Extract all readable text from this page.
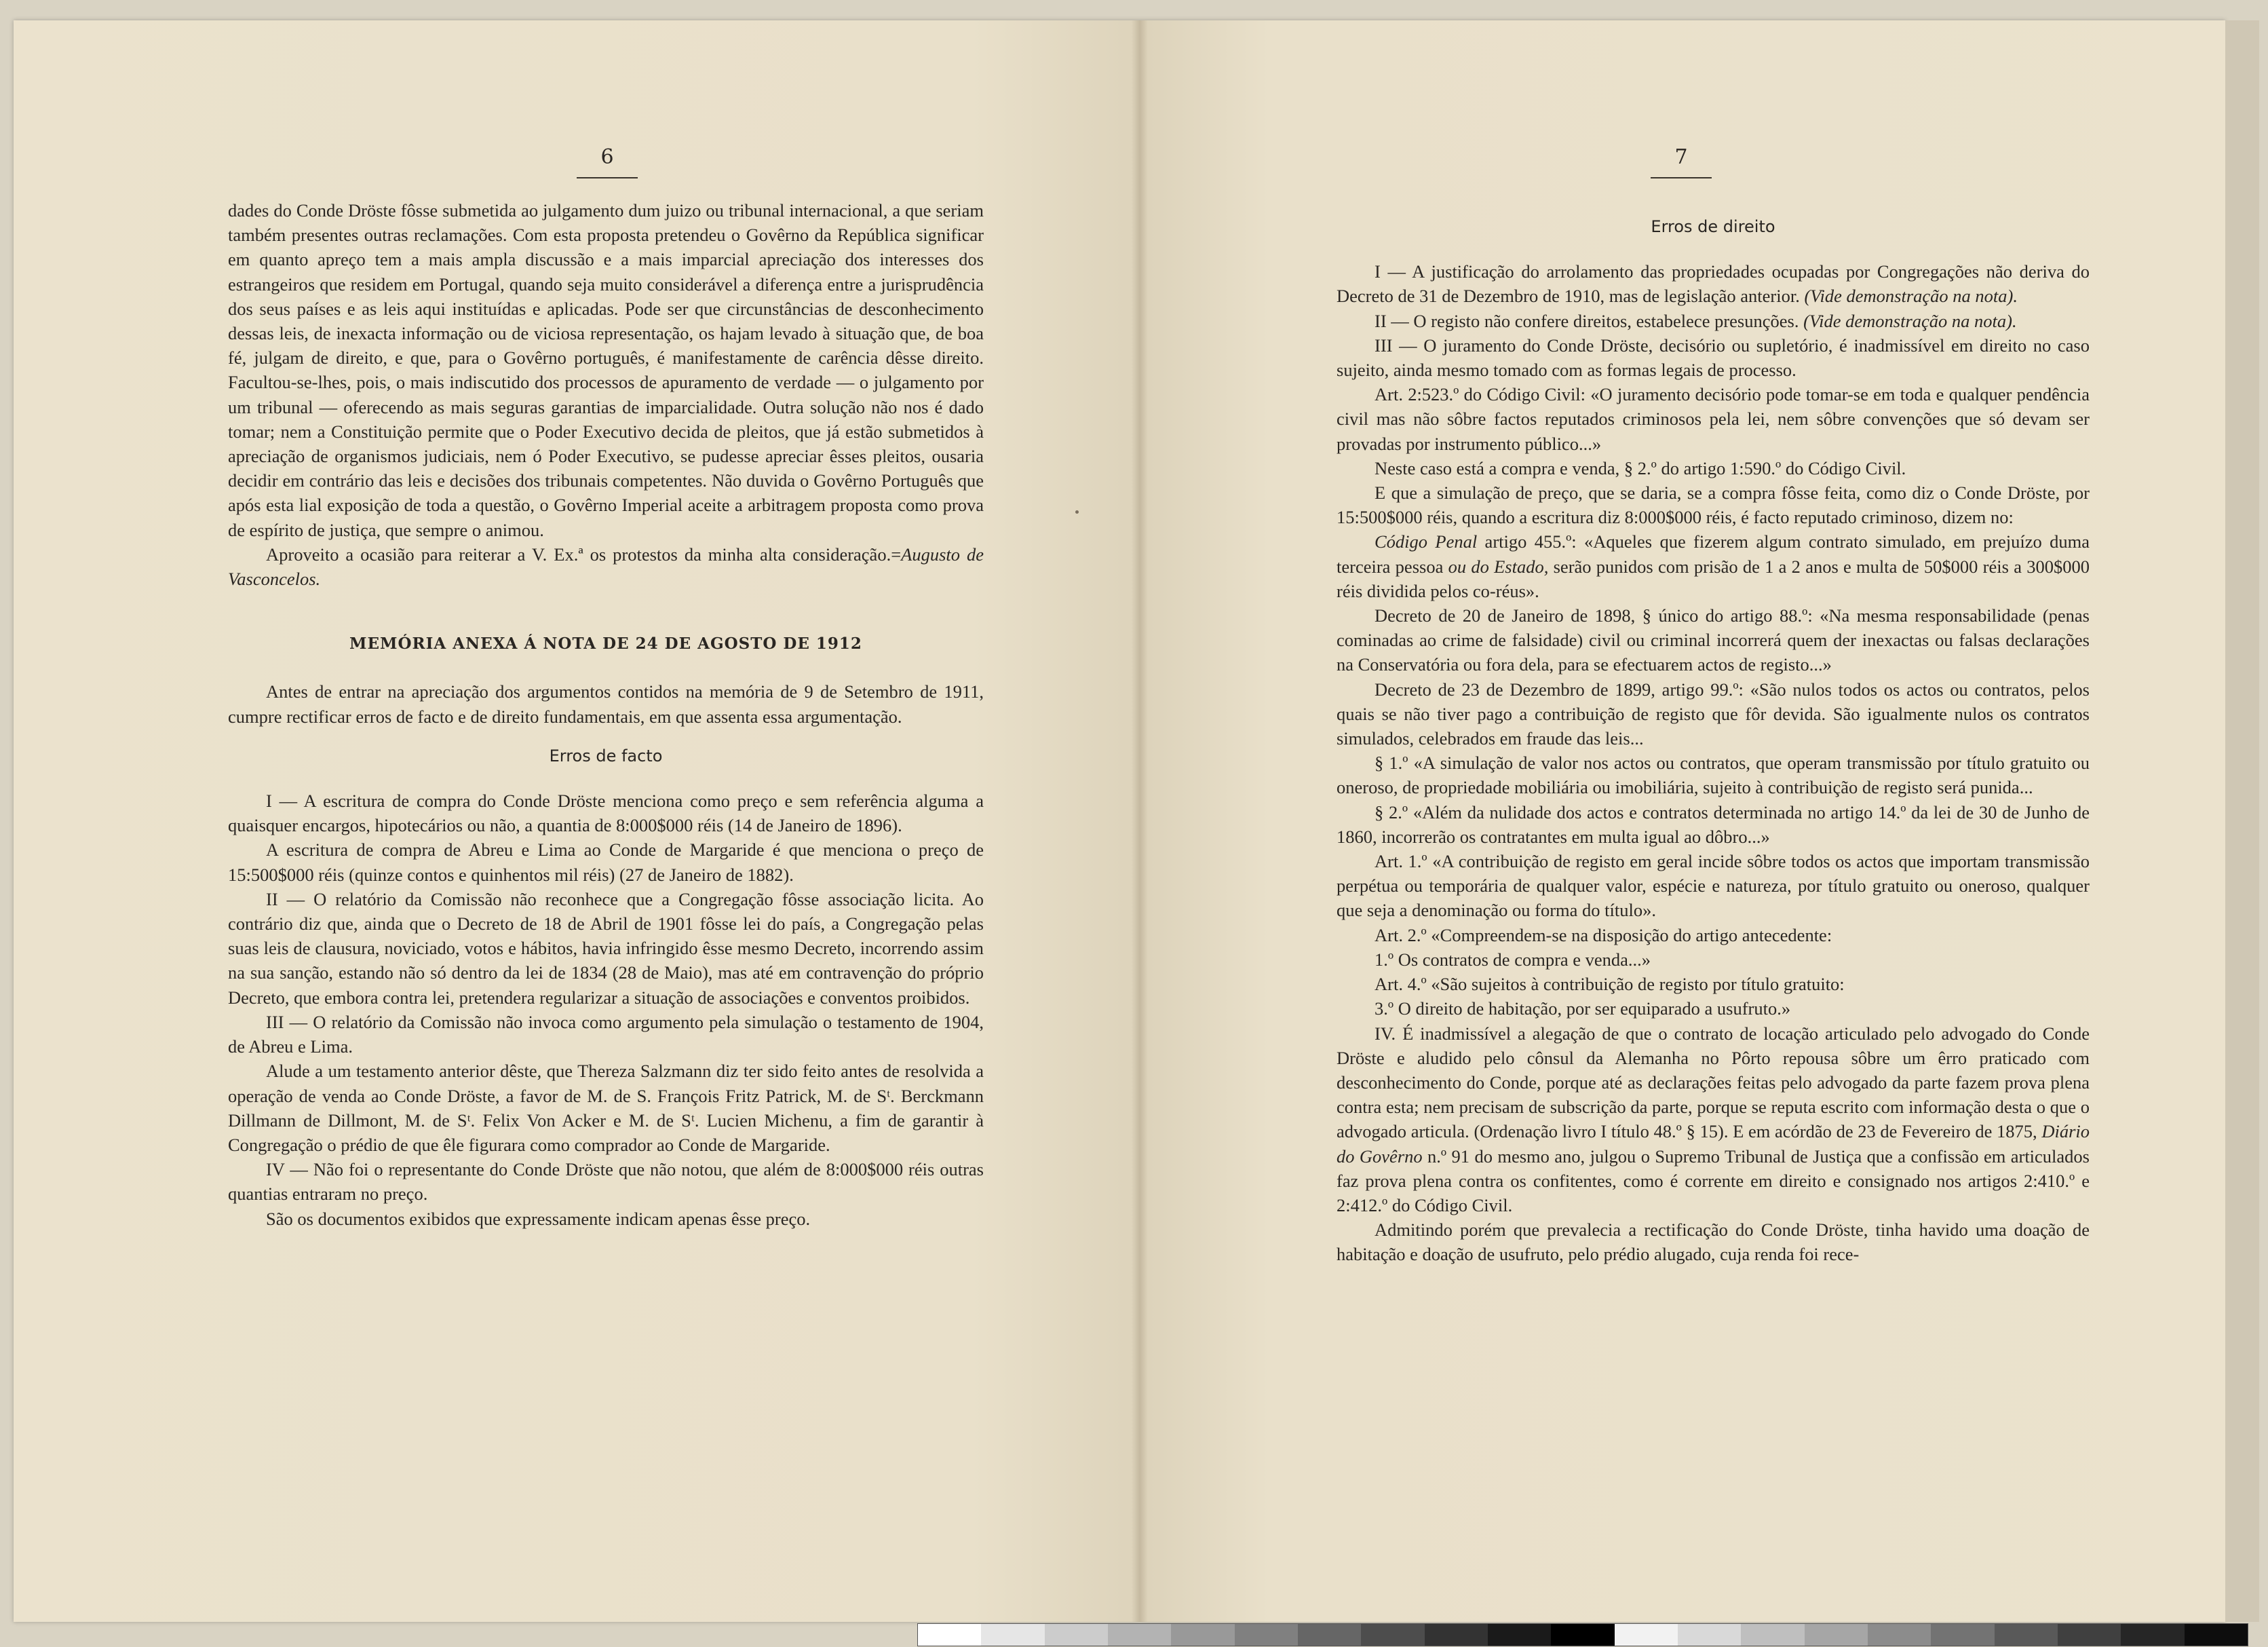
6

dades do Conde Dröste fôsse submetida ao julgamento dum juizo ou tribunal internacional, a que seriam também presentes outras reclamações. Com esta proposta pretendeu o Govêrno da República significar em quanto apreço tem a mais ampla discussão e a mais imparcial apreciação dos interesses dos estrangeiros que residem em Portugal, quando seja muito considerável a diferença entre a jurisprudência dos seus países e as leis aqui instituídas e aplicadas. Pode ser que circunstâncias de desconhecimento dessas leis, de inexacta informação ou de viciosa representação, os hajam levado à situação que, de boa fé, julgam de direito, e que, para o Govêrno português, é manifestamente de carência dêsse direito. Facultou-se-lhes, pois, o mais indiscutido dos processos de apuramento de verdade — o julgamento por um tribunal — oferecendo as mais seguras garantias de imparcialidade. Outra solução não nos é dado tomar; nem a Constituição permite que o Poder Executivo decida de pleitos, que já estão submetidos à apreciação de organismos judiciais, nem ó Poder Executivo, se pudesse apreciar êsses pleitos, ousaria decidir em contrário das leis e decisões dos tribunais competentes. Não duvida o Govêrno Português que após esta lial exposição de toda a questão, o Govêrno Imperial aceite a arbitragem proposta como prova de espírito de justiça, que sempre o animou.

Aproveito a ocasião para reiterar a V. Ex.ª os protestos da minha alta consideração.=Augusto de Vasconcelos.

MEMÓRIA ANEXA Á NOTA DE 24 DE AGOSTO DE 1912

Antes de entrar na apreciação dos argumentos contidos na memória de 9 de Setembro de 1911, cumpre rectificar erros de facto e de direito fundamentais, em que assenta essa argumentação.

Erros de facto

I — A escritura de compra do Conde Dröste menciona como preço e sem referência alguma a quaisquer encargos, hipotecários ou não, a quantia de 8:000$000 réis (14 de Janeiro de 1896).

A escritura de compra de Abreu e Lima ao Conde de Margaride é que menciona o preço de 15:500$000 réis (quinze contos e quinhentos mil réis) (27 de Janeiro de 1882).

II — O relatório da Comissão não reconhece que a Congregação fôsse associação licita. Ao contrário diz que, ainda que o Decreto de 18 de Abril de 1901 fôsse lei do país, a Congregação pelas suas leis de clausura, noviciado, votos e hábitos, havia infringido êsse mesmo Decreto, incorrendo assim na sua sanção, estando não só dentro da lei de 1834 (28 de Maio), mas até em contravenção do próprio Decreto, que embora contra lei, pretendera regularizar a situação de associações e conventos proibidos.

III — O relatório da Comissão não invoca como argumento pela simulação o testamento de 1904, de Abreu e Lima.

Alude a um testamento anterior dêste, que Thereza Salzmann diz ter sido feito antes de resolvida a operação de venda ao Conde Dröste, a favor de M. de S. François Fritz Patrick, M. de Sᵗ. Berckmann Dillmann de Dillmont, M. de Sᵗ. Felix Von Acker e M. de Sᵗ. Lucien Michenu, a fim de garantir à Congregação o prédio de que êle figurara como comprador ao Conde de Margaride.

IV — Não foi o representante do Conde Dröste que não notou, que além de 8:000$000 réis outras quantias entraram no preço.

São os documentos exibidos que expressamente indicam apenas êsse preço.

7
Erros de direito

I — A justificação do arrolamento das propriedades ocupadas por Congregações não deriva do Decreto de 31 de Dezembro de 1910, mas de legislação anterior. (Vide demonstração na nota).

II — O registo não confere direitos, estabelece presunções. (Vide demonstração na nota).

III — O juramento do Conde Dröste, decisório ou supletório, é inadmissível em direito no caso sujeito, ainda mesmo tomado com as formas legais de processo.

Art. 2:523.º do Código Civil: «O juramento decisório pode tomar-se em toda e qualquer pendência civil mas não sôbre factos reputados criminosos pela lei, nem sôbre convenções que só devam ser provadas por instrumento público...»

Neste caso está a compra e venda, § 2.º do artigo 1:590.º do Código Civil.

E que a simulação de preço, que se daria, se a compra fôsse feita, como diz o Conde Dröste, por 15:500$000 réis, quando a escritura diz 8:000$000 réis, é facto reputado criminoso, dizem no:

Código Penal artigo 455.º: «Aqueles que fizerem algum contrato simulado, em prejuízo duma terceira pessoa ou do Estado, serão punidos com prisão de 1 a 2 anos e multa de 50$000 réis a 300$000 réis dividida pelos co-réus».

Decreto de 20 de Janeiro de 1898, § único do artigo 88.º: «Na mesma responsabilidade (penas cominadas ao crime de falsidade) civil ou criminal incorrerá quem der inexactas ou falsas declarações na Conservatória ou fora dela, para se efectuarem actos de registo...»

Decreto de 23 de Dezembro de 1899, artigo 99.º: «São nulos todos os actos ou contratos, pelos quais se não tiver pago a contribuição de registo que fôr devida. São igualmente nulos os contratos simulados, celebrados em fraude das leis...

§ 1.º «A simulação de valor nos actos ou contratos, que operam transmissão por título gratuito ou oneroso, de propriedade mobiliária ou imobiliária, sujeito à contribuição de registo será punida...

§ 2.º «Além da nulidade dos actos e contratos determinada no artigo 14.º da lei de 30 de Junho de 1860, incorrerão os contratantes em multa igual ao dôbro...»

Art. 1.º «A contribuição de registo em geral incide sôbre todos os actos que importam transmissão perpétua ou temporária de qualquer valor, espécie e natureza, por título gratuito ou oneroso, qualquer que seja a denominação ou forma do título».

Art. 2.º «Compreendem-se na disposição do artigo antecedente:

1.º Os contratos de compra e venda...»

Art. 4.º «São sujeitos à contribuição de registo por título gratuito:

3.º O direito de habitação, por ser equiparado a usufruto.»

IV. É inadmissível a alegação de que o contrato de locação articulado pelo advogado do Conde Dröste e aludido pelo cônsul da Alemanha no Pôrto repousa sôbre um êrro praticado com desconhecimento do Conde, porque até as declarações feitas pelo advogado da parte fazem prova plena contra esta; nem precisam de subscrição da parte, porque se reputa escrito com informação desta o que o advogado articula. (Ordenação livro I título 48.º § 15). E em acórdão de 23 de Fevereiro de 1875, Diário do Govêrno n.º 91 do mesmo ano, julgou o Supremo Tribunal de Justiça que a confissão em articulados faz prova plena contra os confitentes, como é corrente em direito e consignado nos artigos 2:410.º e 2:412.º do Código Civil.

Admitindo porém que prevalecia a rectificação do Conde Dröste, tinha havido uma doação de habitação e doação de usufruto, pelo prédio alugado, cuja renda foi rece-
